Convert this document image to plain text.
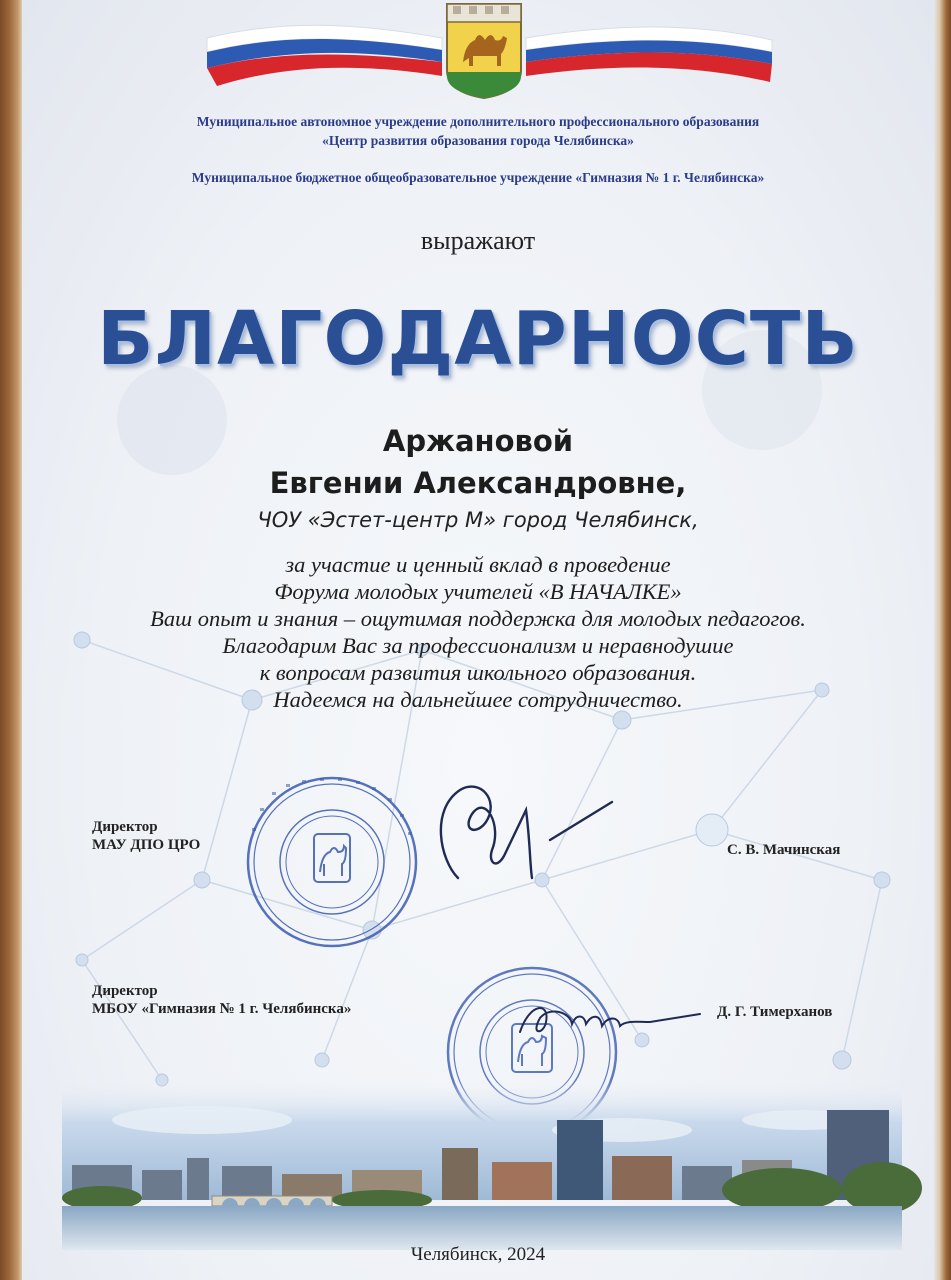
Муниципальное автономное учреждение дополнительного профессионального образования
«Центр развития образования города Челябинска»
Муниципальное бюджетное общеобразовательное учреждение «Гимназия № 1 г. Челябинска»
выражают
БЛАГОДАРНОСТЬ
Аржановой
Евгении Александровне,
ЧОУ «Эстет-центр М» город Челябинск,
за участие и ценный вклад в проведение
Форума молодых учителей «В НАЧАЛКЕ»
Ваш опыт и знания – ощутимая поддержка для молодых педагогов.
Благодарим Вас за профессионализм и неравнодушие
к вопросам развития школьного образования.
Надеемся на дальнейшее сотрудничество.
Директор
МАУ ДПО ЦРО	С. В. Мачинская
Директор
МБОУ «Гимназия № 1 г. Челябинска»	Д. Г. Тимерханов
Челябинск, 2024
